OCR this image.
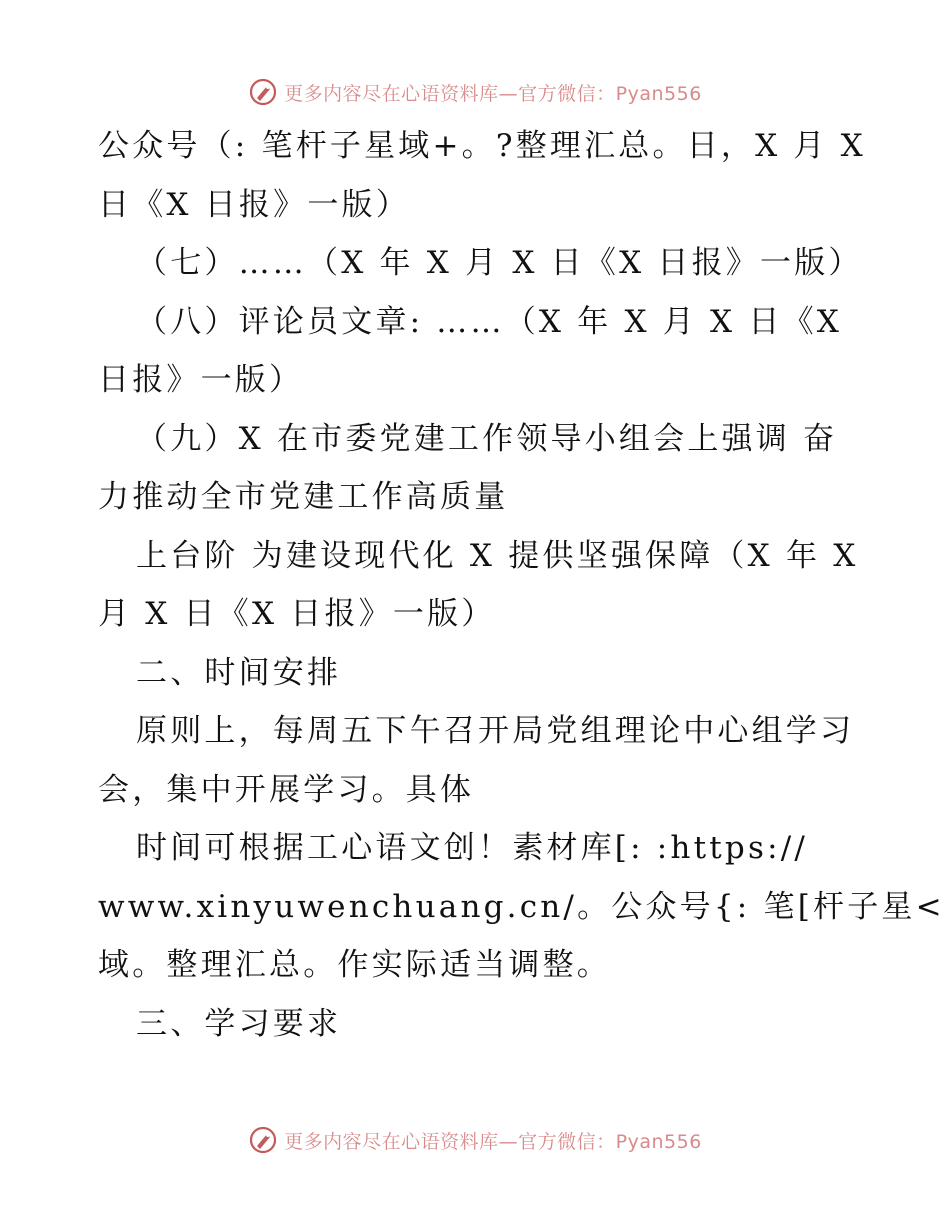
更多内容尽在心语资料库—官方微信：Pyan556
公众号（: 笔杆子星域+。?整理汇总。日，X 月 X
日《X 日报》一版）
（七）……（X 年 X 月 X 日《X 日报》一版）
（八）评论员文章: ……（X 年 X 月 X 日《X
日报》一版）
（九）X 在市委党建工作领导小组会上强调 奋
力推动全市党建工作高质量
上台阶 为建设现代化 X 提供坚强保障（X 年 X
月 X 日《X 日报》一版）
二、时间安排
原则上，每周五下午召开局党组理论中心组学习
会，集中开展学习。具体
时间可根据工心语文创！素材库[: :https://
www.xinyuwenchuang.cn/。公众号{: 笔[杆子星<
域。整理汇总。作实际适当调整。
三、学习要求
更多内容尽在心语资料库—官方微信：Pyan556
